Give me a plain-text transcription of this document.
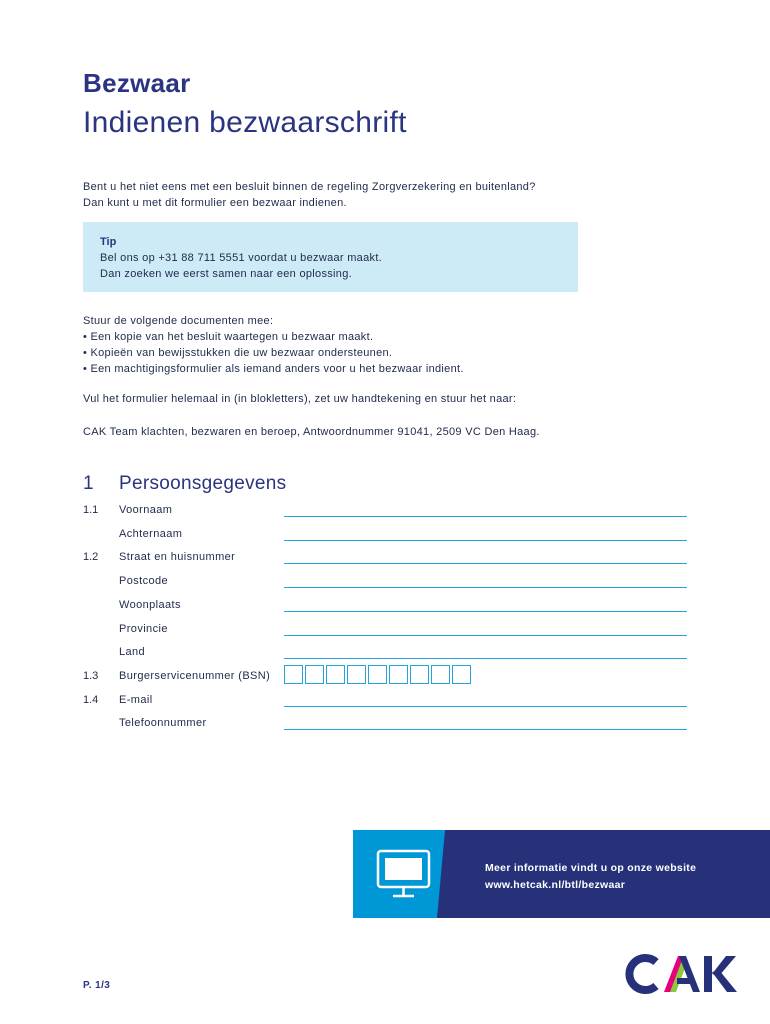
Bezwaar
Indienen bezwaarschrift
Bent u het niet eens met een besluit binnen de regeling Zorgverzekering en buitenland?
Dan kunt u met dit formulier een bezwaar indienen.
Tip
Bel ons op +31 88 711 5551 voordat u bezwaar maakt.
Dan zoeken we eerst samen naar een oplossing.
Stuur de volgende documenten mee:
• Een kopie van het besluit waartegen u bezwaar maakt.
• Kopieën van bewijsstukken die uw bezwaar ondersteunen.
• Een machtigingsformulier als iemand anders voor u het bezwaar indient.
Vul het formulier helemaal in (in blokletters), zet uw handtekening en stuur het naar:
CAK Team klachten, bezwaren en beroep, Antwoordnummer 91041, 2509 VC Den Haag.
1 Persoonsgegevens
1.1 Voornaam
Achternaam
1.2 Straat en huisnummer
Postcode
Woonplaats
Provincie
Land
1.3 Burgerservicenummer (BSN)
1.4 E-mail
Telefoonnummer
Meer informatie vindt u op onze website
www.hetcak.nl/btl/bezwaar
P. 1/3
